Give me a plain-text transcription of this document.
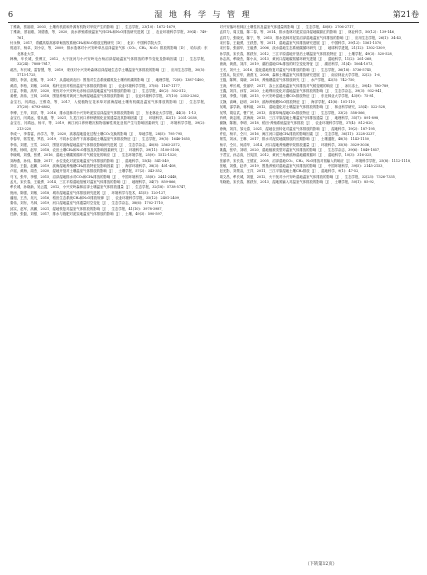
6	湿 地 科 学 与 管 理	第21卷

丁维新，蔡祖聪．2003．土壤有机质和外源有机物对甲烷产生的影响［J］．生态学报，23(10)：1672-1679．

丁维新，蔡祖聪，刘德燕，等．2020．淡水养殖系统温室气体CH₄和N₂O排放研究进展［J］．农业环境科学学报，39(4)：749-761．

付永锋．2017．青藏高原高寒草甸放牧系统CH₄和N₂O排放过程研究［D］．北京：中国科学院大学．

郭逍宇，杨卓，刘小京，等．2009．排水造林对小兴安岭草丛沼泽温室气体（CO₂、CH₄、N₂O）排放的影响［D］．哈尔滨：东北林业大学．

韩梅，车长城，张博文．2012．大于抚河与小兴安岭毛台杨沼泽湿地温室气体排放的季节变化及影响因素［J］．生态学报，32(24)：7808-7817．

郝杰，车长城，雷智慧，等．2019．采伐对小兴安岭森林沼泽湿地生态学土壤温室气体排放的影响［J］．应用生态学报，30(5)：1713-1725．

胡阳，李剑，赵敏，等．2017．从湿地到农田：围垦对生态系统碳氮及土壤有机碳的影响［J］．地理学报，72(8)：1387-1400．

黄清，李柏，刘敏．2018．秸秆还田对稻田温室气体排放的影响［J］．农业环境科学学报，37(6)：1167-1177．

江雷，李瑞，高华．2020．采伐对小兴安岭毛赤杨沼泽湿地温室气体排放的影响［J］．生态学报，40(2)：502-512．

姜俊，高伟，王林．2018．围垦养殖对黄河三角洲湿地温室气体排放的影响［J］．农业环境科学学报，37(10)：2353-2362．

金宝石，闫鸿远，王维奇，等．2017．入侵植物互花米草对滨海湿地土壤有机碳及温室气体排放的影响［J］．生态学报，37(20)：6793-6802．

李博，王华，刘洋，等．2016．排水造林对小兴安岭泥炭沼泽温室气体排放的影响［J］．东北林业大学学报，44(3)：1-13．

金宝石，闫鸿远，曾从盛，等．2021．九龙江河口养虾塘氮化亚氮通量及其影响因素［J］．环境科学，42(1)：2031-2038．

金宝石，闫鸿远，杨平，等．2019．闽江河口养虾塘沉积物溶解性氮化亚氮产生与影响因素研究［J］．环境科学学报，39(2)：213-220．

李成一，李春雷，孙学方，等．2020．高寒湿地退化过程土壤CO₂交换的影响［J］．草地学报，28(5)：795-795．

李春华，郭雪莲，罗浩．2019．不同水位条件下高寒湿地土壤温室气体排放特征［J］．生态学报，39(5)：1646-1655．

李伟，刘建，王雪．2021．围垦对滨海湿地温室气体排放影响研究进展［J］．生态学杂志，40(8)：2563-2572．

李燕，杨明，赵华．2018．农田土壤CH₄和N₂O排放及其影响因素研究［J］．环境科学，39(11)：5100-5108．

李晓明，刘强，张勇．2016．湿地土壤碳氮循环对气候变化的响应［J］．生态环境学报，25(9)：1512-1520．

刘海燕，孙伟，陈静．2017．水位变化对泥炭地温室气体排放的影响［J］．湿地科学，15(4)：541-549．

刘佳，王磊，赵鹏．2019．滨海湿地养殖塘CH₄排放特征及影响因素［J］．海洋环境科学，38(3)：401-408．

卢瑶，黄海，周杰．2020．湿地开垦对土壤温室气体排放的影响［J］．土壤学报，57(2)：343-352．

马飞，张华，李强．2015．沼泽湿地排水对CO₂和CH₄排放的影响［J］．中国环境科学，35(8)：2441-2448．

孟凡，宋长春，王毅勇．2014．三江平原湿地垦殖对温室气体排放的影响［J］．地理科学，34(7)：859-866．

牟长城，孙晓新，吴云霞．2012．小兴安岭森林沼泽土壤温室气体排放通量［J］．生态学报，32(18)：5738-5747．

倪雨，陈强，刘敏．2018．城市湿地温室气体排放研究进展［J］．环境科学与技术，41(5)：120-127．

潘旭，王杰，吴凡．2016．稻田生态系统CH₄和N₂O排放规律［J］．农业环境科学学报，35(12)：2401-2409．

秦伟，刘东，马林．2019．河口湿地温室气体通量时空变化［J］．生态学杂志，38(6)：1702-1710．

邱实，赵军，高鹏．2021．湿地恢复对温室气体排放的影响［J］．生态学报，41(10)：3978-3987．

任静，张磊，刘强．2017．排水与施肥对泥炭地温室气体排放的影响［J］．土壤，49(3)：590-597．

对兴安落叶松林区土壤性状及温室气体通量的影响［J］．生态学报，40(8)：2706-2717．

孟祥力，周文磊，陈二春，等．2014．排水造林对泥炭沼泽湿地碳源汇的影响［J］．林业科学，50(12)：139-146．

孟祥力，张晓光，陈宁，等．2015．排水造林对泥炭沼泽湿地温室气体排放的影响［J］．应用生态学报，26(1)：34-43．

宋长春，王毅勇，王跃思，等．2011．湿地温室气体排放研究进展［J］．中国科学，39(12)：1561-1570．

宋长春，张丽华，王毅勇．2006．淡水湿地生态系统碳循环研究［J］．地球科学进展，21(12)：1302-1309．

孙学凯，宋长春，郭跃东．2012．三江平原湿地开垦后土壤温室气体排放特征［J］．土壤学报，49(3)：520-528．

孙志高，牟晓杰，陈小兵．2013．黄河口湿地碳氮循环研究进展［J］．湿地科学，11(2)：261-268．

唐涛，黄燕，刘洋．2019．湖泊湿地CH₄排放的时空变化特征［J］．湖泊科学，31(4)：1064-1073．

王冬，刘兴土．2016．退化湿地恢复对温室气体排放的影响［J］．生态学报，36(18)：5736-5745．

王国兵，阮宏华，唐燕飞．2008．森林土壤温室气体排放研究进展［J］．南京林业大学学报，32(2)：1-6．

王磊，陈辉，周晓．2018．养殖塘温室气体排放研究［J］．水产学报，42(5)：742-750．

王涛，牟长城，张丽华．2017．冻土区湿地温室气体排放对气候变暖的响应［J］．冰川冻土，39(4)：780-789．

王鑫，刘洋，孙雪．2020．土地利用变化对湿地温室气体排放的影响［J］．生态学杂志，39(3)：932-941．

王颖，李强，马鹏．2015．小兴安岭湿地土壤CO₂排放特征［J］．东北林业大学学报，43(9)：75-81．

文静，高峰，赵明．2019．滨海养殖塘N₂O排放特征［J］．海洋学报，41(8)：101-110．

吴明，邵学新，蒋科毅．2012．湿地退化对土壤温室气体排放的影响［J］．林业科学研究，25(4)：522-528．

吴琴，胡启武，曹广民．2013．高寒草甸湿地CO₂排放特征［J］．生态学报，33(2)：558-566．

肖烨，黄志刚，武海涛．2015．三江平原湿地土壤温室气体排放通量［J］．地理科学，35(7)：891-898．

谢静，陈刚，李明．2018．稻田-养殖系统温室气体排放［J］．农业环境科学学报，37(4)：812-820．

徐海，刘洋，邹元春．2021．湿地农田转化对温室气体排放的影响［J］．湿地科学，19(2)：187-195．

许佳，杨平，仝川．2016．闽江河口湿地CH₄排放的影响因素［J］．生态学报，36(11)：3228-3237．

颜雪，刘冰，王琳．2017．排水对泥炭地碳排放的长期影响［J］．土壤通报，48(5)：1143-1150．

杨平，仝川，何清华．2014．河口湿地养殖塘甲烷排放通量［J］．环境科学，35(8)：3029-3036．

姚鑫，张华，刘明．2020．湿地植被类型对温室气体排放的影响［J］．生态学杂志，39(6)：1849-1857．

于君宝，孙志高，吕宪国．2012．黄河三角洲滨海湿地碳氮循环［J］．湿地科学，10(3)：316-325．

张丽华，宋长春，王德宣．2005．沼泽湿地CO₂、CH₄、N₂O排放对氮输入的响应［J］．环境科学学报，25(8)：1112-1118．

张敏，刘强，赵华．2019．围垦养殖对湿地温室气体排放的影响［J］．中国环境科学，39(5)：2145-2153．

赵光影，刘景双，王洋．2011．三江平原湿地土壤CH₄排放［J］．湿地科学，9(1)：47-52．

周文昌，牟长城，刘夏．2012．火干扰对小兴安岭湿地温室气体排放的影响［J］．生态学报，32(23)：7326-7335．

朱晓艳，宋长春，郭跃东．2013．湿地氮输入对温室气体排放的影响［J］．土壤学报，50(1)：85-92．

（下转第12页）
